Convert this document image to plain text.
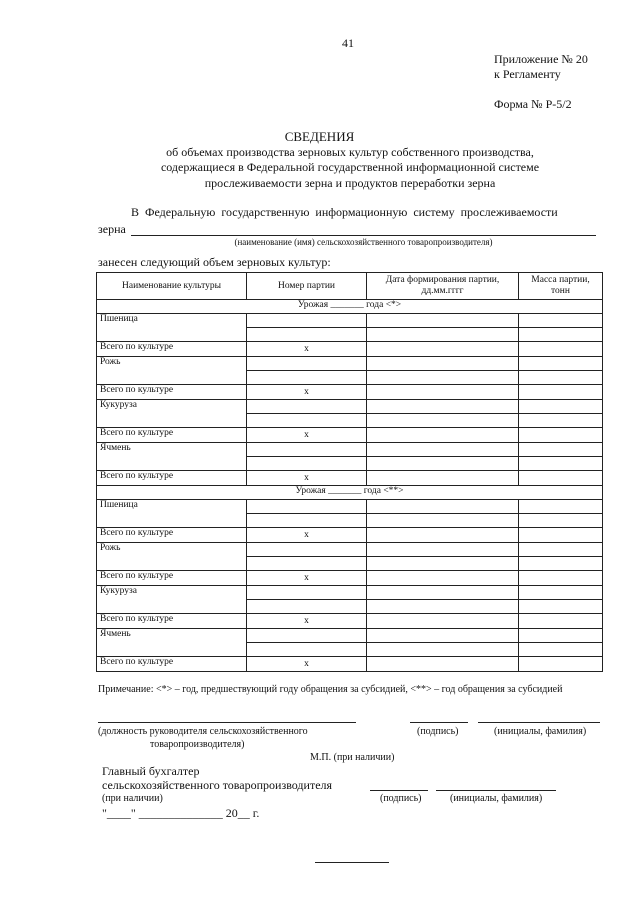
41
Приложение № 20
к Регламенту
Форма № Р-5/2
СВЕДЕНИЯ
об объемах производства зерновых культур собственного производства,
содержащиеся в Федеральной государственной информационной системе
прослеживаемости зерна и продуктов переработки зерна
В Федеральную государственную информационную систему прослеживаемости
зерна
(наименование (имя) сельскохозяйственного товаропроизводителя)
занесен следующий объем зерновых культур:
Наименование культуры	Номер партии	Дата формирования партии, дд.мм.гггг	Масса партии, тонн
Урожая _______ года <*>			
Пшеница			

Всего по культуре	x		
Рожь			

Всего по культуре	x		
Кукуруза			

Всего по культуре	x		
Ячмень			

Всего по культуре	x		
Урожая _______ года <**>			
Пшеница			

Всего по культуре	x		
Рожь			

Всего по культуре	x		
Кукуруза			

Всего по культуре	x		
Ячмень			

Всего по культуре	x		
Примечание: <*> – год, предшествующий году обращения за субсидией, <**> – год обращения за субсидией
(должность руководителя сельскохозяйственного
товаропроизводителя)
(подпись)	(инициалы, фамилия)
М.П. (при наличии)
Главный бухгалтер
сельскохозяйственного товаропроизводителя
(при наличии)	(подпись)	(инициалы, фамилия)
"____" ______________ 20__ г.
